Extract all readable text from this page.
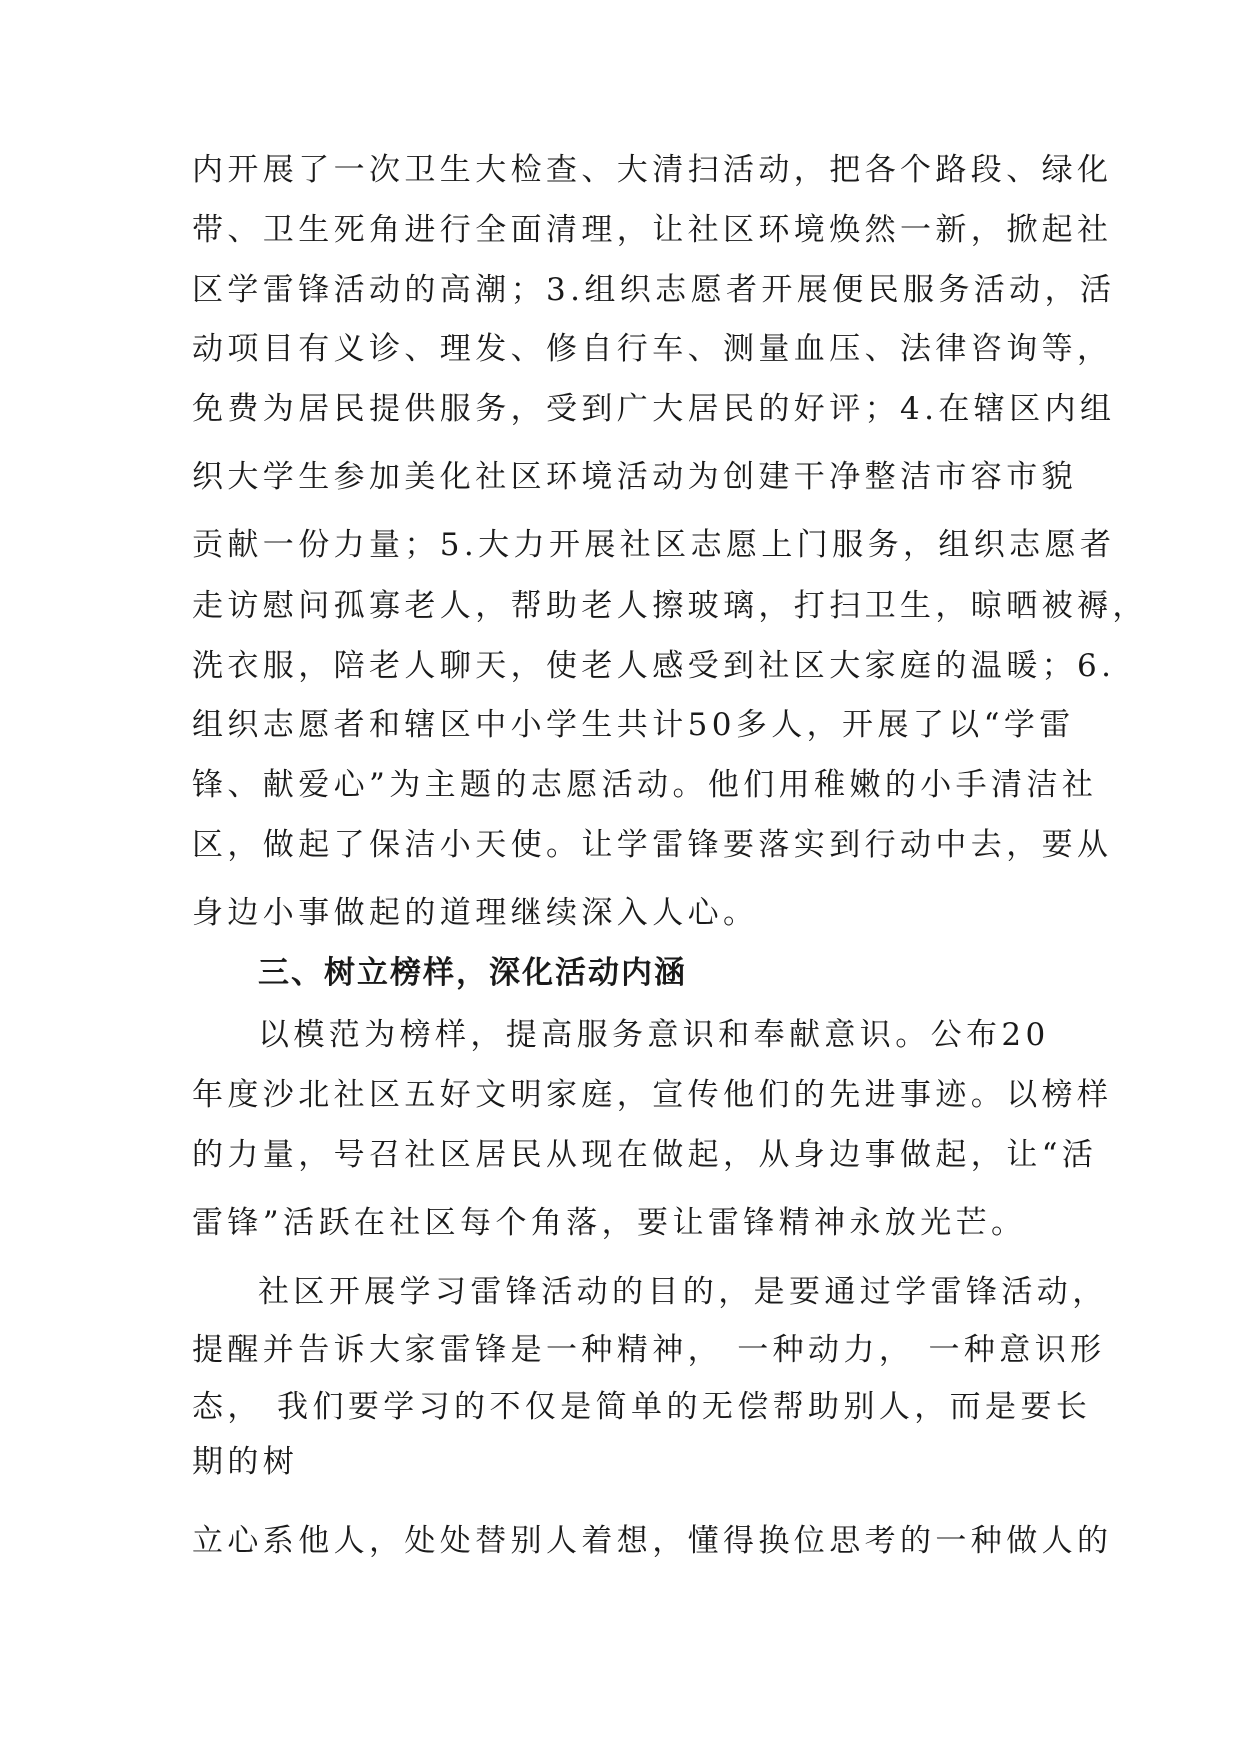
内开展了一次卫生大检查、大清扫活动，把各个路段、绿化
带、卫生死角进行全面清理，让社区环境焕然一新，掀起社
区学雷锋活动的高潮；3.组织志愿者开展便民服务活动，活
动项目有义诊、理发、修自行车、测量血压、法律咨询等，
免费为居民提供服务，受到广大居民的好评；4.在辖区内组
织大学生参加美化社区环境活动为创建干净整洁市容市貌
贡献一份力量；5.大力开展社区志愿上门服务，组织志愿者
走访慰问孤寡老人，帮助老人擦玻璃，打扫卫生，晾晒被褥，
洗衣服，陪老人聊天，使老人感受到社区大家庭的温暖；6.
组织志愿者和辖区中小学生共计50多人，开展了以“学雷
锋、献爱心”为主题的志愿活动。他们用稚嫩的小手清洁社
区，做起了保洁小天使。让学雷锋要落实到行动中去，要从
身边小事做起的道理继续深入人心。
三、树立榜样，深化活动内涵
以模范为榜样，提高服务意识和奉献意识。公布20
年度沙北社区五好文明家庭，宣传他们的先进事迹。以榜样
的力量，号召社区居民从现在做起，从身边事做起，让“活
雷锋”活跃在社区每个角落，要让雷锋精神永放光芒。
社区开展学习雷锋活动的目的，是要通过学雷锋活动，
提醒并告诉大家雷锋是一种精神， 一种动力， 一种意识形
态， 我们要学习的不仅是简单的无偿帮助别人，而是要长
期的树
立心系他人，处处替别人着想，懂得换位思考的一种做人的
